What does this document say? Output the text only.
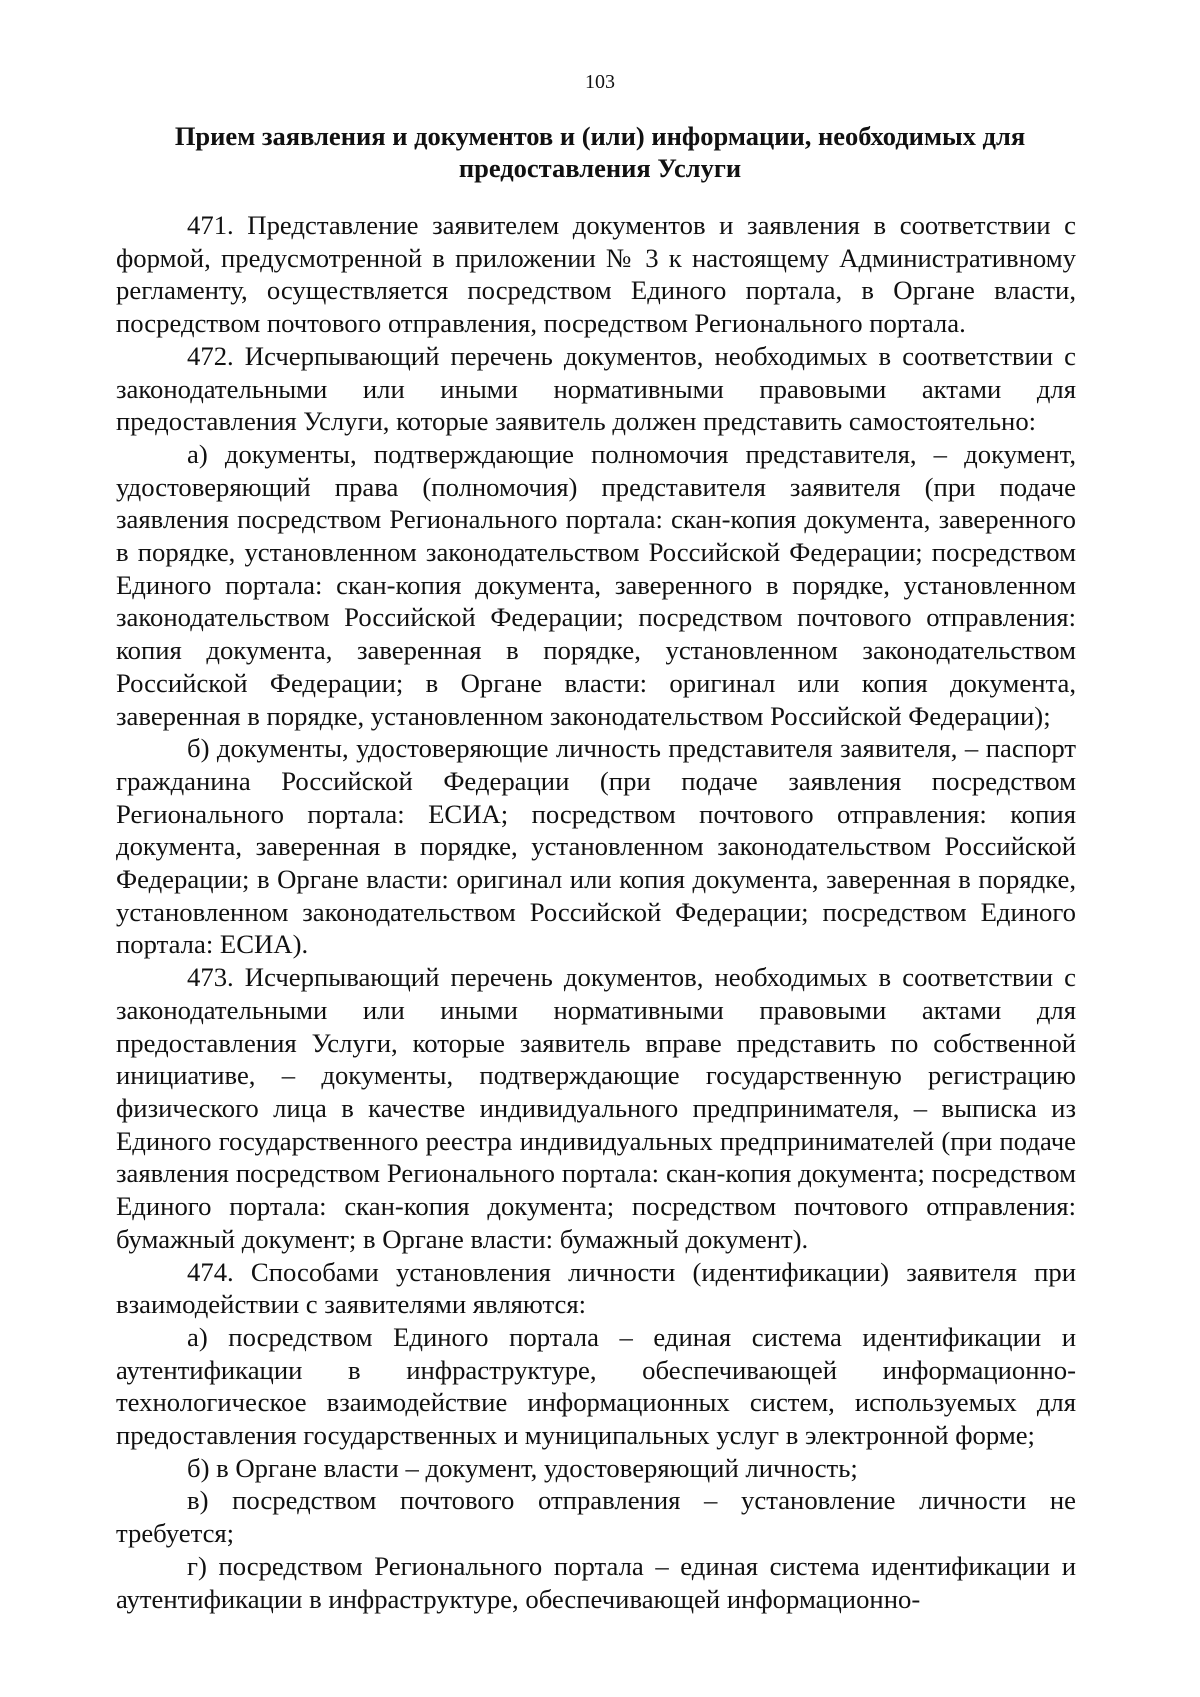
103
Прием заявления и документов и (или) информации, необходимых для
предоставления Услуги

471. Представление заявителем документов и заявления в соответствии с формой, предусмотренной в приложении № 3 к настоящему Административному регламенту, осуществляется посредством Единого портала, в Органе власти, посредством почтового отправления, посредством Регионального портала.

472. Исчерпывающий перечень документов, необходимых в соответствии с законодательными или иными нормативными правовыми актами для предоставления Услуги, которые заявитель должен представить самостоятельно:

а) документы, подтверждающие полномочия представителя, – документ, удостоверяющий права (полномочия) представителя заявителя (при подаче заявления посредством Регионального портала: скан-копия документа, заверенного в порядке, установленном законодательством Российской Федерации; посредством Единого портала: скан-копия документа, заверенного в порядке, установленном законодательством Российской Федерации; посредством почтового отправления: копия документа, заверенная в порядке, установленном законодательством Российской Федерации; в Органе власти: оригинал или копия документа, заверенная в порядке, установленном законодательством Российской Федерации);

б) документы, удостоверяющие личность представителя заявителя, – паспорт гражданина Российской Федерации (при подаче заявления посредством Регионального портала: ЕСИА; посредством почтового отправления: копия документа, заверенная в порядке, установленном законодательством Российской Федерации; в Органе власти: оригинал или копия документа, заверенная в порядке, установленном законодательством Российской Федерации; посредством Единого портала: ЕСИА).

473. Исчерпывающий перечень документов, необходимых в соответствии с законодательными или иными нормативными правовыми актами для предоставления Услуги, которые заявитель вправе представить по собственной инициативе, – документы, подтверждающие государственную регистрацию физического лица в качестве индивидуального предпринимателя, – выписка из Единого государственного реестра индивидуальных предпринимателей (при подаче заявления посредством Регионального портала: скан-копия документа; посредством Единого портала: скан-копия документа; посредством почтового отправления: бумажный документ; в Органе власти: бумажный документ).

474. Способами установления личности (идентификации) заявителя при взаимодействии с заявителями являются:

а) посредством Единого портала – единая система идентификации и аутентификации в инфраструктуре, обеспечивающей информационно-технологическое взаимодействие информационных систем, используемых для предоставления государственных и муниципальных услуг в электронной форме;

б) в Органе власти – документ, удостоверяющий личность;

в) посредством почтового отправления – установление личности не требуется;

г) посредством Регионального портала – единая система идентификации и аутентификации в инфраструктуре, обеспечивающей информационно-
